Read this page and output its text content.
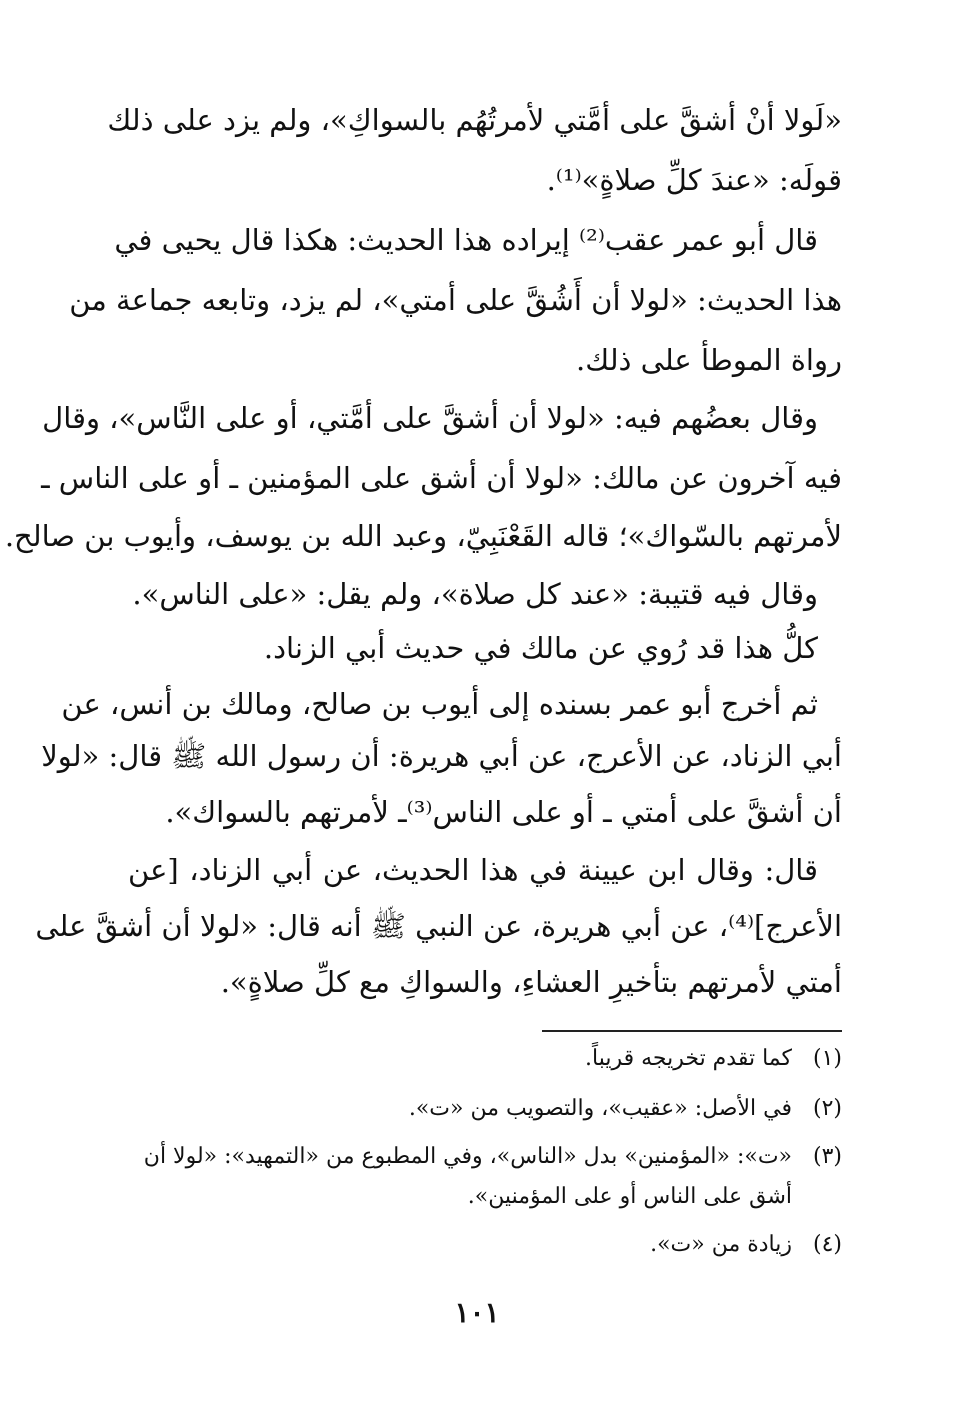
«لَولا أنْ أشقَّ على أمَّتي لأمرتُهُم بالسواكِ»، ولم يزد على ذلك
قولَه: «عندَ كلِّ صلاةٍ»⁽¹⁾.
قال أبو عمر عقب⁽²⁾ إيراده هذا الحديث: هكذا قال يحيى في
هذا الحديث: «لولا أن أَشُقَّ على أمتي»، لم يزد، وتابعه جماعة من
رواة الموطأ على ذلك.
وقال بعضُهم فيه: «لولا أن أشقَّ على أمَّتي، أو على النَّاس»، وقال
فيه آخرون عن مالك: «لولا أن أشق على المؤمنين ـ أو على الناس ـ
لأمرتهم بالسّواك»؛ قاله القَعْنَبِيّ، وعبد الله بن يوسف، وأيوب بن صالح.
وقال فيه قتيبة: «عند كل صلاة»، ولم يقل: «على الناس».
كلُّ هذا قد رُوي عن مالك في حديث أبي الزناد.
ثم أخرج أبو عمر بسنده إلى أيوب بن صالح، ومالك بن أنس، عن
أبي الزناد، عن الأعرج، عن أبي هريرة: أن رسول الله ﷺ قال: «لولا
أن أشقَّ على أمتي ـ أو على الناس⁽³⁾ـ لأمرتهم بالسواك».
قال: وقال ابن عيينة في هذا الحديث، عن أبي الزناد، [عن
الأعرج]⁽⁴⁾، عن أبي هريرة، عن النبي ﷺ أنه قال: «لولا أن أشقَّ على
أمتي لأمرتهم بتأخيرِ العشاءِ، والسواكِ مع كلِّ صلاةٍ».
(١)كما تقدم تخريجه قريباً.
(٢)في الأصل: «عقيب»، والتصويب من «ت».
(٣)«ت»: «المؤمنين» بدل «الناس»، وفي المطبوع من «التمهيد»: «لولا أن
أشق على الناس أو على المؤمنين».
(٤)زيادة من «ت».
١٠١
